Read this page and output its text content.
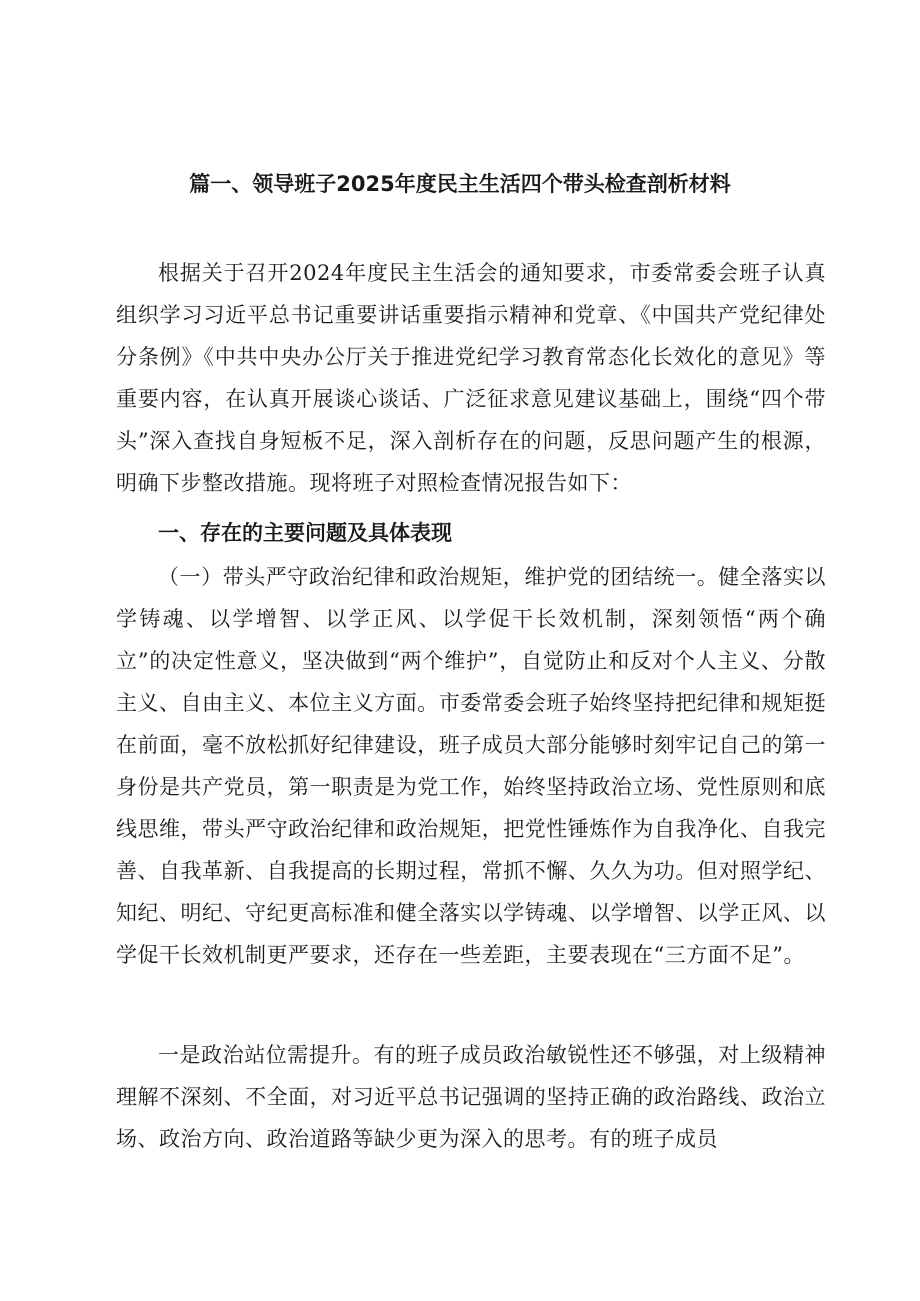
篇一、领导班子2025年度民主生活四个带头检查剖析材料

根据关于召开2024年度民主生活会的通知要求，市委常委会班子认真组织学习习近平总书记重要讲话重要指示精神和党章、《中国共产党纪律处分条例》《中共中央办公厅关于推进党纪学习教育常态化长效化的意见》等重要内容，在认真开展谈心谈话、广泛征求意见建议基础上，围绕“四个带头”深入查找自身短板不足，深入剖析存在的问题，反思问题产生的根源，明确下步整改措施。现将班子对照检查情况报告如下：

一、存在的主要问题及具体表现

（一）带头严守政治纪律和政治规矩，维护党的团结统一。健全落实以学铸魂、以学增智、以学正风、以学促干长效机制，深刻领悟“两个确立”的决定性意义，坚决做到“两个维护”，自觉防止和反对个人主义、分散主义、自由主义、本位主义方面。市委常委会班子始终坚持把纪律和规矩挺在前面，毫不放松抓好纪律建设，班子成员大部分能够时刻牢记自己的第一身份是共产党员，第一职责是为党工作，始终坚持政治立场、党性原则和底线思维，带头严守政治纪律和政治规矩，把党性锤炼作为自我净化、自我完善、自我革新、自我提高的长期过程，常抓不懈、久久为功。但对照学纪、知纪、明纪、守纪更高标准和健全落实以学铸魂、以学增智、以学正风、以学促干长效机制更严要求，还存在一些差距，主要表现在“三方面不足”。

一是政治站位需提升。有的班子成员政治敏锐性还不够强，对上级精神理解不深刻、不全面，对习近平总书记强调的坚持正确的政治路线、政治立场、政治方向、政治道路等缺少更为深入的思考。有的班子成员
